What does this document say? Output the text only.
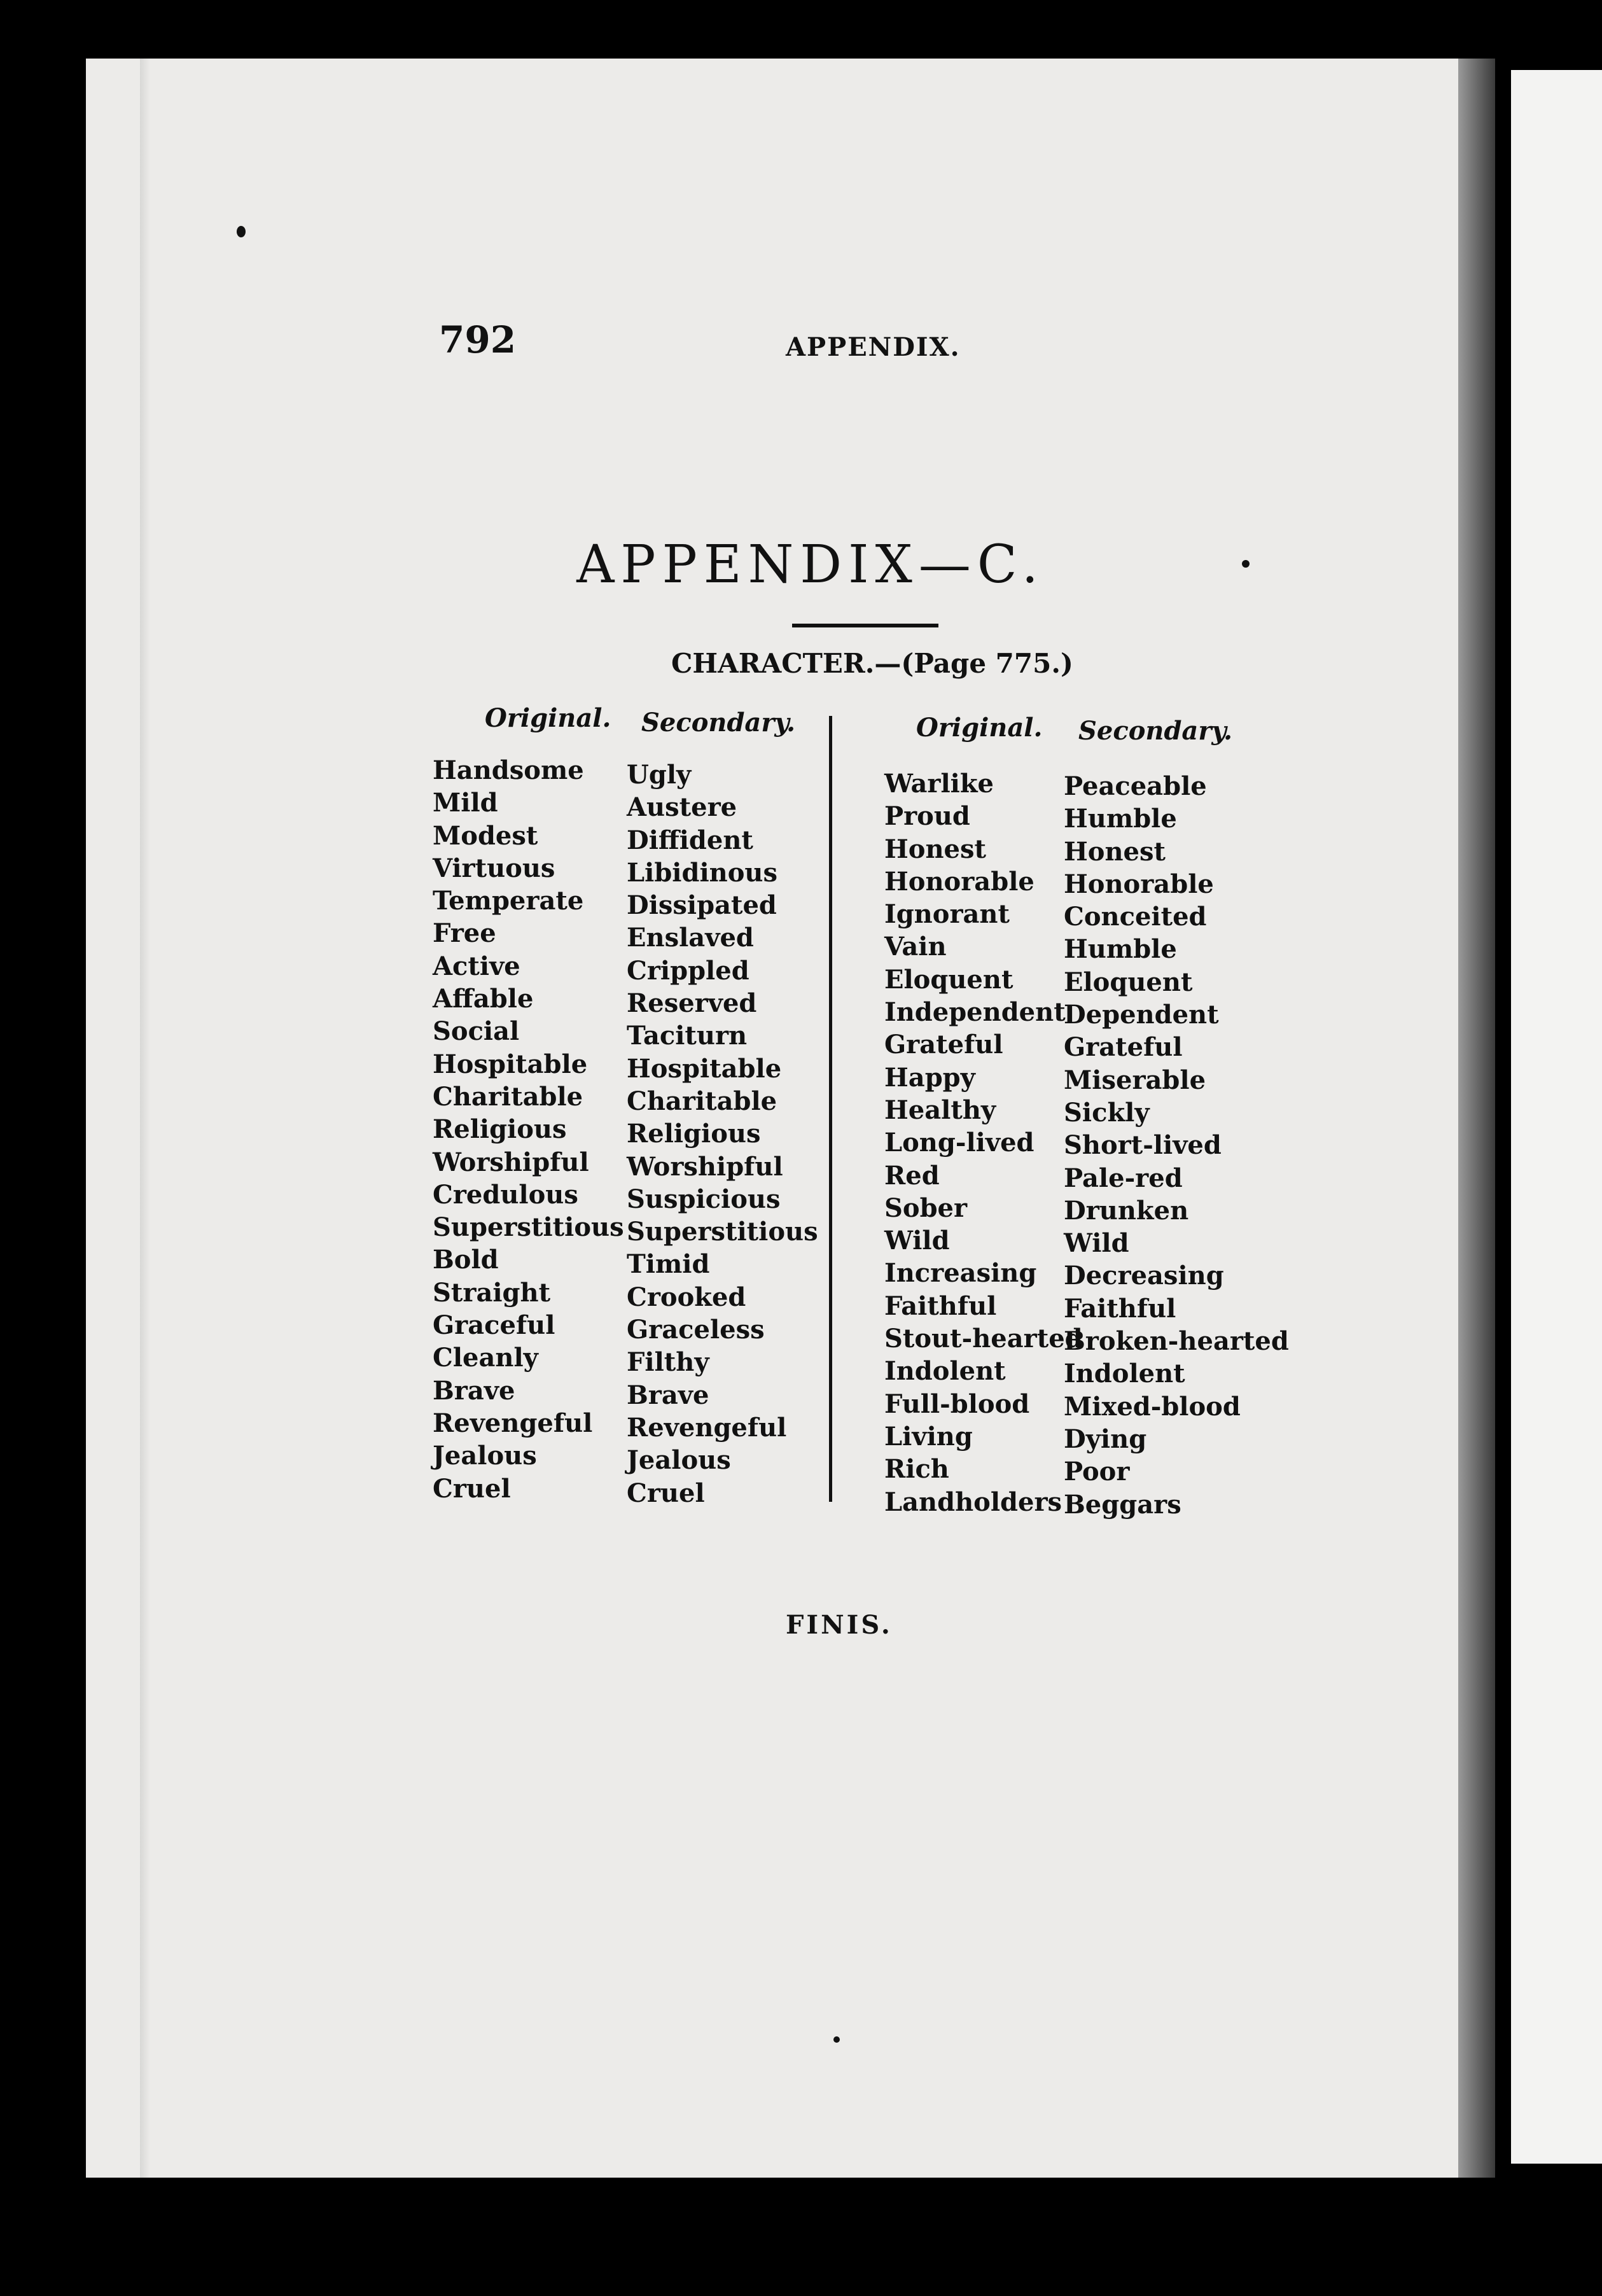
792	APPENDIX.
APPENDIX—C.
CHARACTER.—(Page 775.)
Original. Secondary.	Original. Secondary.
Handsome
Mild
Modest
Virtuous
Temperate
Free
Active
Affable
Social
Hospitable
Charitable
Religious
Worshipful
Credulous
Superstitious
Bold
Straight
Graceful
Cleanly
Brave
Revengeful
Jealous
Cruel
Ugly
Austere
Diffident
Libidinous
Dissipated
Enslaved
Crippled
Reserved
Taciturn
Hospitable
Charitable
Religious
Worshipful
Suspicious
Superstitious
Timid
Crooked
Graceless
Filthy
Brave
Revengeful
Jealous
Cruel
Warlike
Proud
Honest
Honorable
Ignorant
Vain
Eloquent
Independent
Grateful
Happy
Healthy
Long-lived
Red
Sober
Wild
Increasing
Faithful
Stout-hearted
Indolent
Full-blood
Living
Rich
Landholders
Peaceable
Humble
Honest
Honorable
Conceited
Humble
Eloquent
Dependent
Grateful
Miserable
Sickly
Short-lived
Pale-red
Drunken
Wild
Decreasing
Faithful
Broken-hearted
Indolent
Mixed-blood
Dying
Poor
Beggars
FINIS.
